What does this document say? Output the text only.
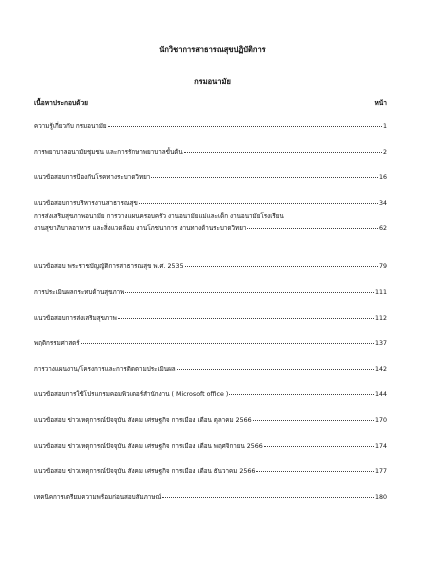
นักวิชาการสาธารณสุขปฏิบัติการ
กรมอนามัย
เนื้อหาประกอบด้วย	หน้า
ความรู้เกี่ยวกับ กรมอนามัย	1
การพยาบาลอนามัยชุมชน และการรักษาพยาบาลขั้นต้น	2
แนวข้อสอบการป้องกันโรคทางระบาดวิทยา	16
แนวข้อสอบการบริหารงานสาธารณสุข	34
การส่งเสริมสุขภาพอนามัย การวางแผนครอบครัว งานอนามัยแม่และเด็ก งานอนามัยโรงเรียน
งานสุขาภิบาลอาหาร และสิ่งแวดล้อม งานโภชนาการ งานทางด้านระบาดวิทยา	62
แนวข้อสอบ พระราชบัญญัติการสาธารณสุข พ.ศ. 2535	79
การประเมินผลกระทบด้านสุขภาพ	111
แนวข้อสอบการส่งเสริมสุขภาพ	112
พฤติกรรมศาสตร์	137
การวางแผนงาน/โครงการและการติดตามประเมินผล	142
แนวข้อสอบการใช้โปรแกรมคอมพิวเตอร์สำนักงาน ( Microsoft office )	144
แนวข้อสอบ ข่าวเหตุการณ์ปัจจุบัน สังคม เศรษฐกิจ การเมือง เดือน ตุลาคม 2566	170
แนวข้อสอบ ข่าวเหตุการณ์ปัจจุบัน สังคม เศรษฐกิจ การเมือง เดือน พฤศจิกายน 2566	174
แนวข้อสอบ ข่าวเหตุการณ์ปัจจุบัน สังคม เศรษฐกิจ การเมือง เดือน ธันวาคม 2566	177
เทคนิคการเตรียมความพร้อมก่อนสอบสัมภาษณ์	180
